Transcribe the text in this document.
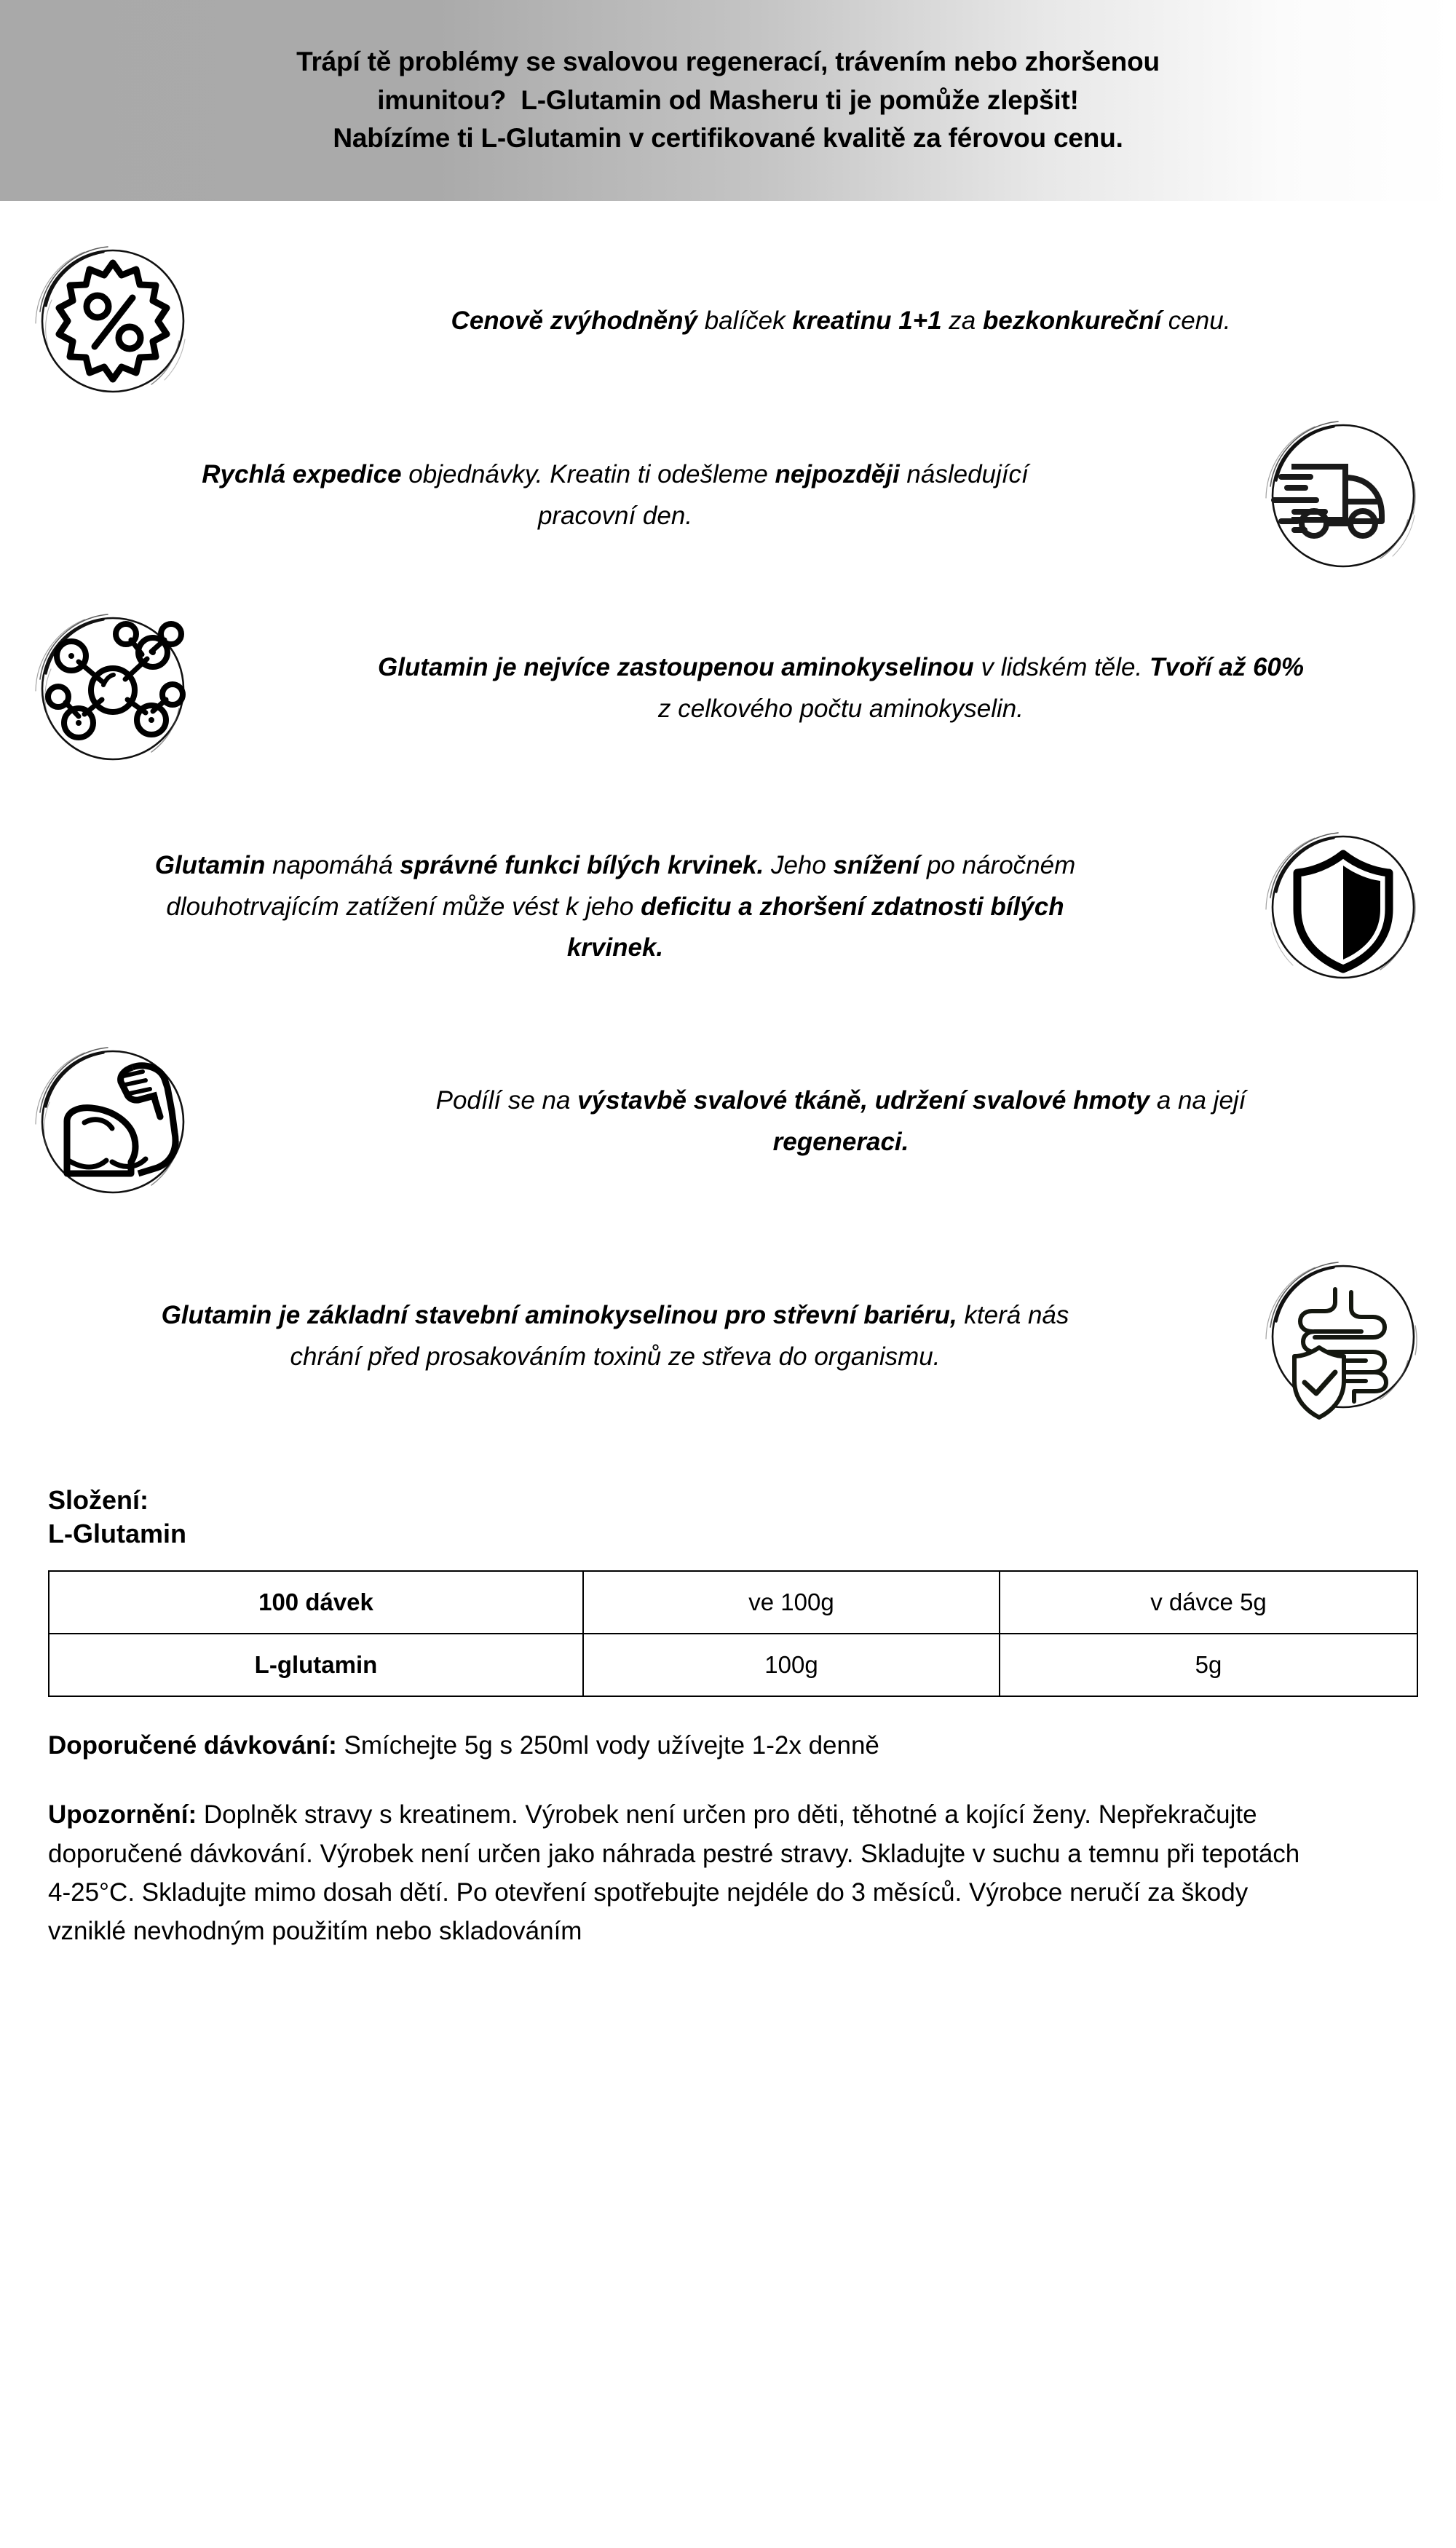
Trápí tě problémy se svalovou regenerací, trávením nebo zhoršenou
imunitou?  L-Glutamin od Masheru ti je pomůže zlepšit!
Nabízíme ti L-Glutamin v certifikované kvalitě za férovou cenu.
Cenově zvýhodněný balíček kreatinu 1+1 za bezkonkureční cenu.
Rychlá expedice objednávky. Kreatin ti odešleme nejpozději následující pracovní den.
Glutamin je nejvíce zastoupenou aminokyselinou v lidském těle. Tvoří až 60% z celkového počtu aminokyselin.
Glutamin napomáhá správné funkci bílých krvinek. Jeho snížení po náročném dlouhotrvajícím zatížení může vést k jeho deficitu a zhoršení zdatnosti bílých krvinek.
Podílí se na výstavbě svalové tkáně, udržení svalové hmoty a na její regeneraci.
Glutamin je základní stavební aminokyselinou pro střevní bariéru, která nás chrání před prosakováním toxinů ze střeva do organismu.
Složení:
L-Glutamin
100 dávek	ve 100g	v dávce 5g
L-glutamin	100g	5g

Doporučené dávkování: Smíchejte 5g s 250ml vody užívejte 1-2x denně

Upozornění: Doplněk stravy s kreatinem. Výrobek není určen pro děti, těhotné a kojící ženy. Nepřekračujte doporučené dávkování. Výrobek není určen jako náhrada pestré stravy. Skladujte v suchu a temnu při tepotách 4-25°C. Skladujte mimo dosah dětí. Po otevření spotřebujte nejdéle do 3 měsíců. Výrobce neručí za škody vzniklé nevhodným použitím nebo skladováním
